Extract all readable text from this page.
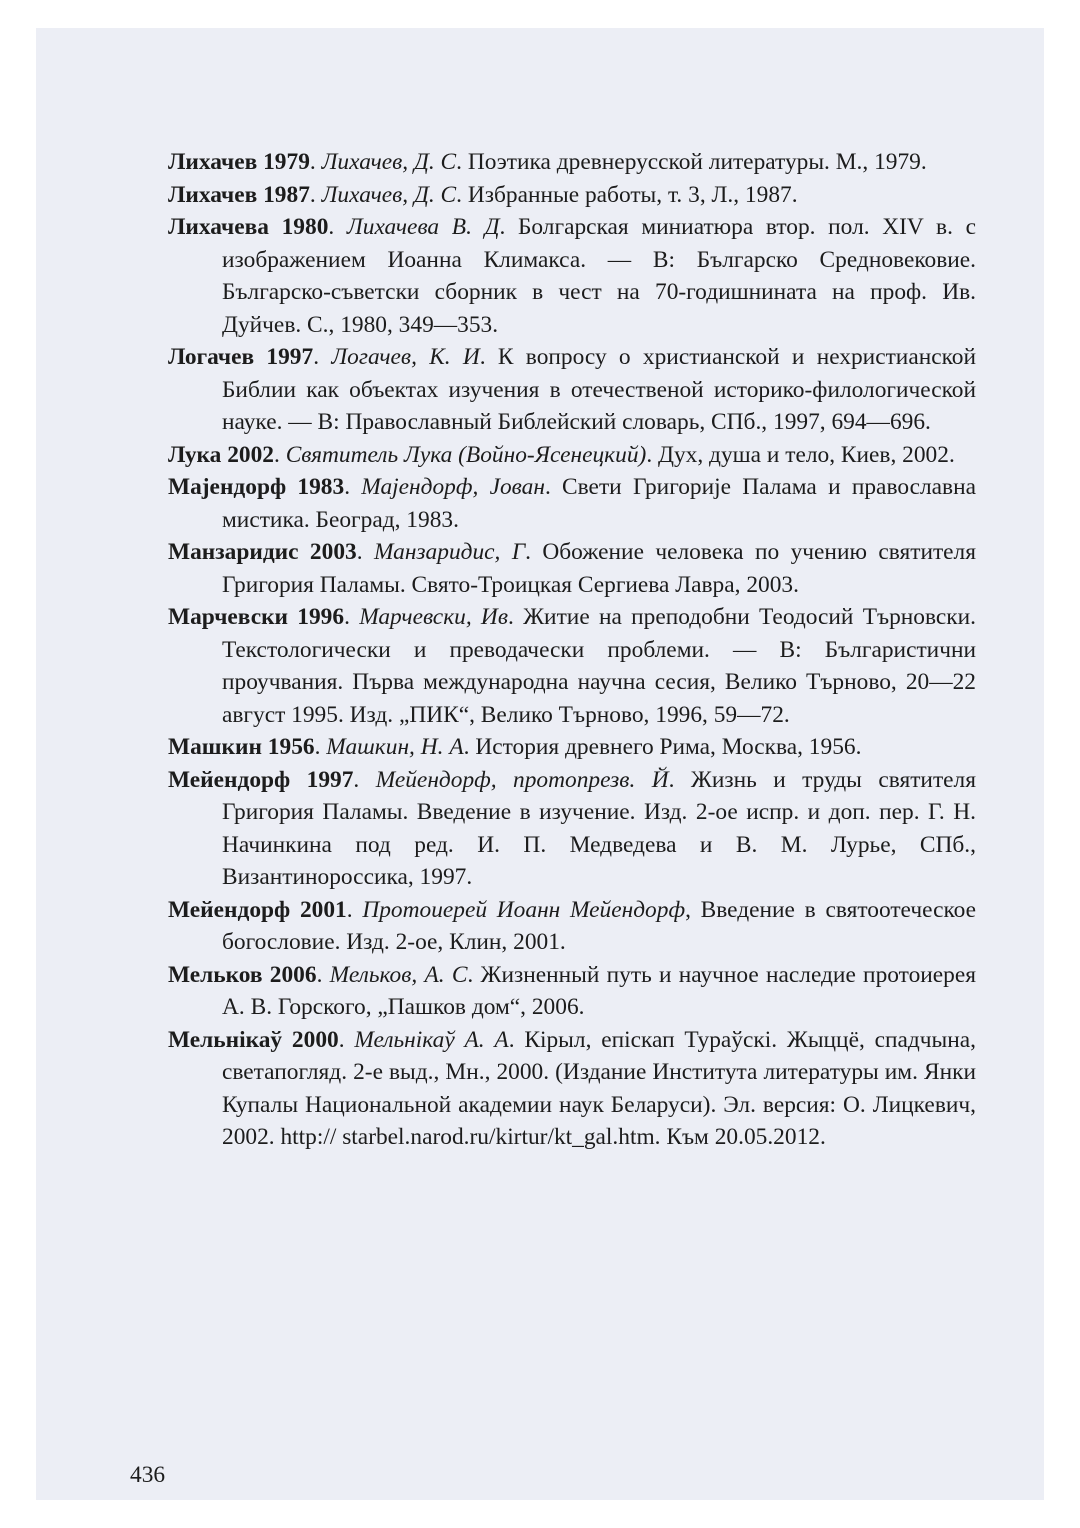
Лихачев 1979. Лихачев, Д. С. Поэтика древнерусской литературы. М., 1979.

Лихачев 1987. Лихачев, Д. С. Избранные работы, т. 3, Л., 1987.

Лихачева 1980. Лихачева В. Д. Болгарская миниатюра втор. пол. XIV в. с изображением Иоанна Климакса. — В: Българско Средновековие. Българско-съветски сборник в чест на 70-годишнината на проф. Ив. Дуйчев. С., 1980, 349—353.

Логачев 1997. Логачев, К. И. К вопросу о христианской и нехристианской Библии как объектах изучения в отечественой историко-филологической науке. — В: Православный Библейский словарь, СПб., 1997, 694—696.

Лука 2002. Святитель Лука (Войно-Ясенецкий). Дух, душа и тело, Киев, 2002.

Мајендорф 1983. Мајендорф, Јован. Свети Григорије Палама и православна мистика. Београд, 1983.

Манзаридис 2003. Манзаридис, Г. Обожение человека по учению святителя Григория Паламы. Свято-Троицкая Сергиева Лавра, 2003.

Марчевски 1996. Марчевски, Ив. Житие на преподобни Теодосий Търновски. Текстологически и преводачески проблеми. — В: Българистични проучвания. Първа международна научна сесия, Велико Търново, 20—22 август 1995. Изд. „ПИК“, Велико Търново, 1996, 59—72.

Машкин 1956. Машкин, Н. А. История древнего Рима, Москва, 1956.

Мейендорф 1997. Мейендорф, протопрезв. Й. Жизнь и труды святителя Григория Паламы. Введение в изучение. Изд. 2-ое испр. и доп. пер. Г. Н. Начинкина под ред. И. П. Медведева и В. М. Лурье, СПб., Византинороссика, 1997.

Мейендорф 2001. Протоиерей Иоанн Мейендорф, Введение в святоотеческое богословие. Изд. 2-ое, Клин, 2001.

Мельков 2006. Мельков, А. С. Жизненный путь и научное наследие протоиерея А. В. Горского, „Пашков дом“, 2006.

Мельнікаў 2000. Мельнікаў А. А. Кірыл, епіскап Тураўскі. Жыццё, спадчына, светапогляд. 2-е выд., Мн., 2000. (Издание Института литературы им. Янки Купалы Национальной академии наук Беларуси). Эл. версия: О. Лицкевич, 2002. http:// starbel.narod.ru/kirtur/kt_gal.htm. Към 20.05.2012.

436
